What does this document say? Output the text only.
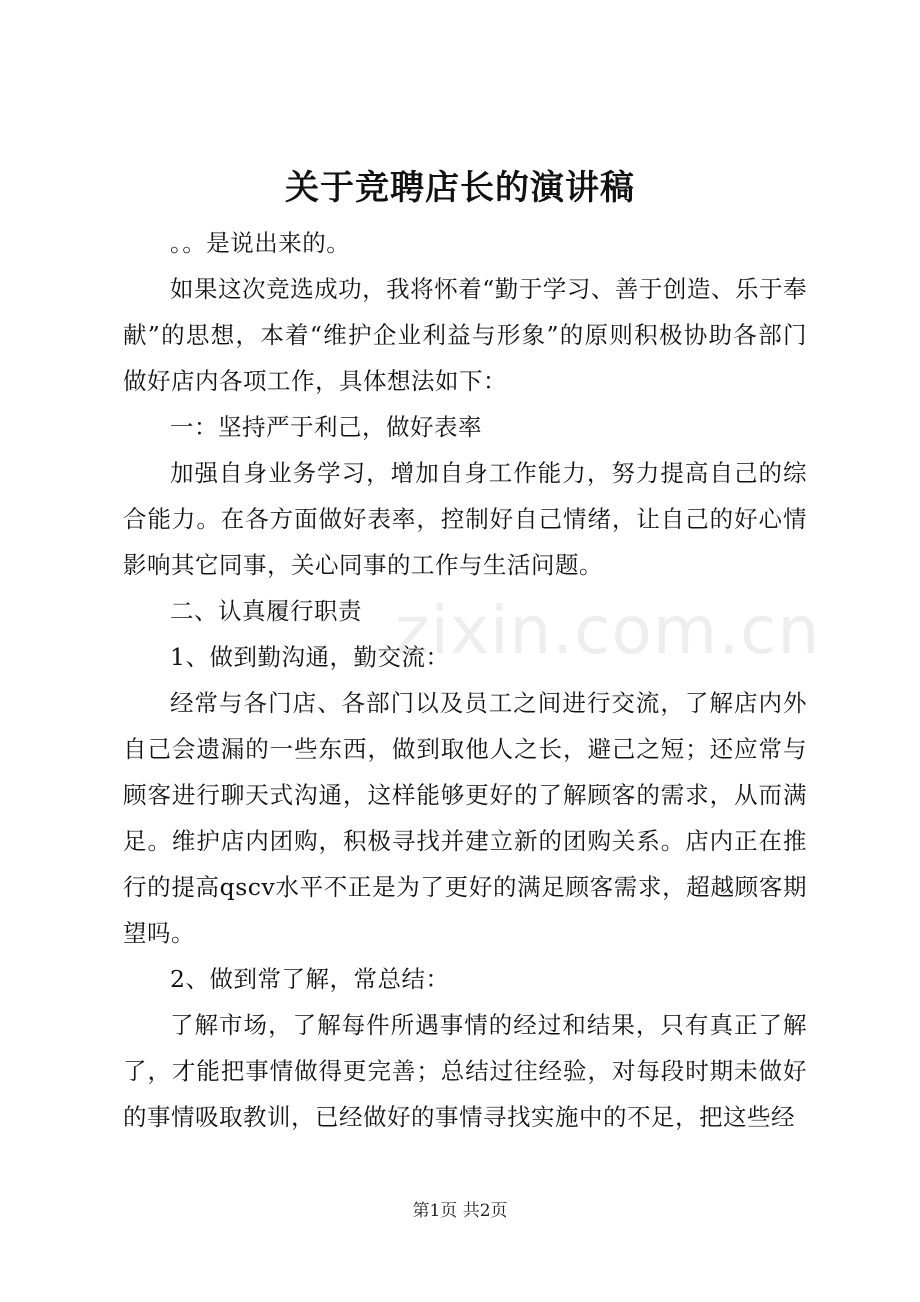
关于竞聘店长的演讲稿

。。是说出来的。

如果这次竞选成功，我将怀着“勤于学习、善于创造、乐于奉献”的思想，本着“维护企业利益与形象”的原则积极协助各部门做好店内各项工作，具体想法如下：

一：坚持严于利己，做好表率

加强自身业务学习，增加自身工作能力，努力提高自己的综合能力。在各方面做好表率，控制好自己情绪，让自己的好心情影响其它同事，关心同事的工作与生活问题。

二、认真履行职责

1、做到勤沟通，勤交流：

经常与各门店、各部门以及员工之间进行交流，了解店内外自己会遗漏的一些东西，做到取他人之长，避己之短；还应常与顾客进行聊天式沟通，这样能够更好的了解顾客的需求，从而满足。维护店内团购，积极寻找并建立新的团购关系。店内正在推行的提高qscv水平不正是为了更好的满足顾客需求，超越顾客期望吗。

2、做到常了解，常总结：

了解市场，了解每件所遇事情的经过和结果，只有真正了解了，才能把事情做得更完善；总结过往经验，对每段时期未做好的事情吸取教训，已经做好的事情寻找实施中的不足，把这些经

zixin.com.cn
第1页 共2页
